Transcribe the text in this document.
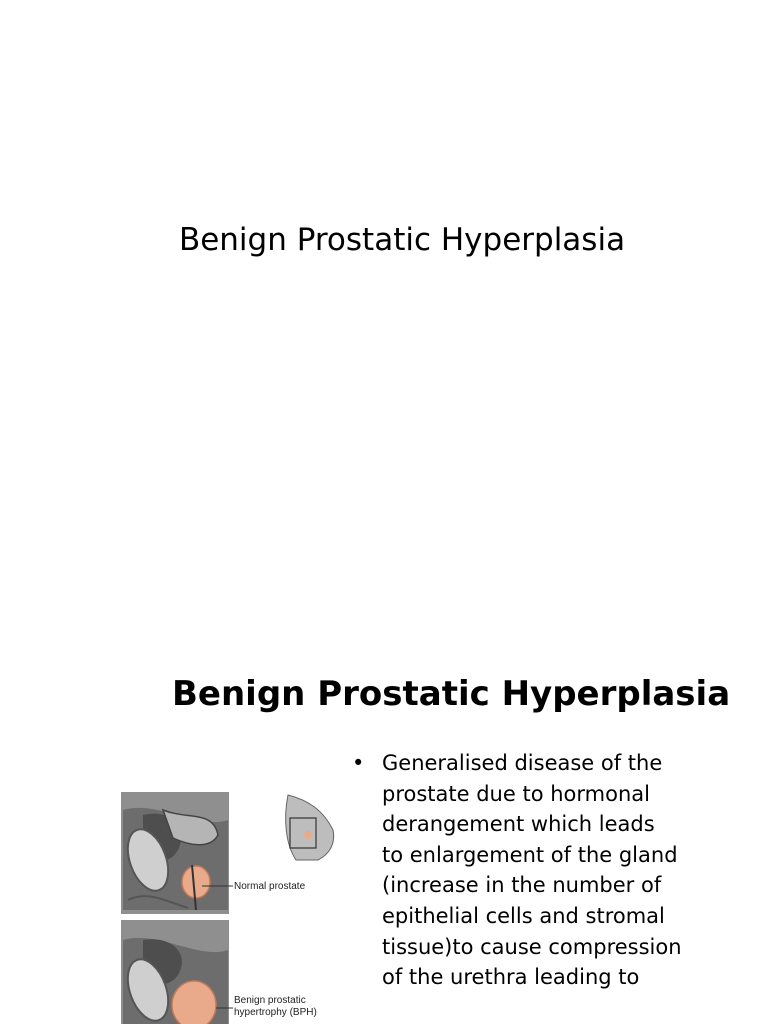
Benign Prostatic Hyperplasia
Benign Prostatic Hyperplasia
Normal prostate
Benign prostatic
hypertrophy (BPH)
• Generalised disease of the prostate due to hormonal derangement which leads to enlargement of the gland (increase in the number of epithelial cells and stromal tissue)to cause compression of the urethra leading to
